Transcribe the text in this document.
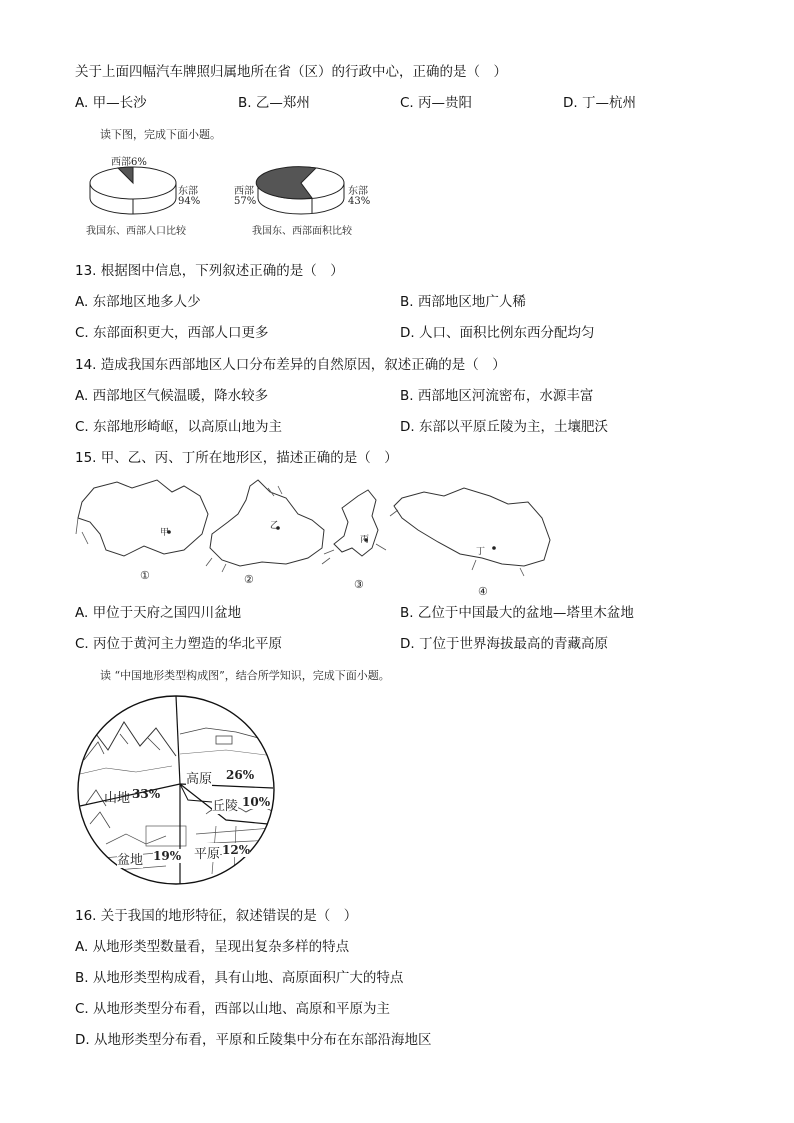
关于上面四幅汽车牌照归属地所在省（区）的行政中心，正确的是（　）
A. 甲—长沙	B. 乙—郑州	C. 丙—贵阳	D. 丁—杭州
读下图，完成下面小题。
西部6%
东部
94%
我国东、西部人口比较
西部
57%
东部
43%
我国东、西部面积比较
13. 根据图中信息，下列叙述正确的是（　）
A. 东部地区地多人少	B. 西部地区地广人稀
C. 东部面积更大，西部人口更多	D. 人口、面积比例东西分配均匀
14. 造成我国东西部地区人口分布差异的自然原因，叙述正确的是（　）
A. 西部地区气候温暖，降水较多	B. 西部地区河流密布，水源丰富
C. 东部地形崎岖，以高原山地为主	D. 东部以平原丘陵为主，土壤肥沃
15. 甲、乙、丙、丁所在地形区，描述正确的是（　）
甲
乙
丙
丁
①	②	③
④
A. 甲位于天府之国四川盆地	B. 乙位于中国最大的盆地—塔里木盆地
C. 丙位于黄河主力塑造的华北平原	D. 丁位于世界海拔最高的青藏高原
读 “中国地形类型构成图”，结合所学知识，完成下面小题。
山地 33%
高原 26%
丘陵 10%
平原 12%
盆地 19%
16. 关于我国的地形特征，叙述错误的是（　）
A. 从地形类型数量看，呈现出复杂多样的特点
B. 从地形类型构成看，具有山地、高原面积广大的特点
C. 从地形类型分布看，西部以山地、高原和平原为主
D. 从地形类型分布看，平原和丘陵集中分布在东部沿海地区
